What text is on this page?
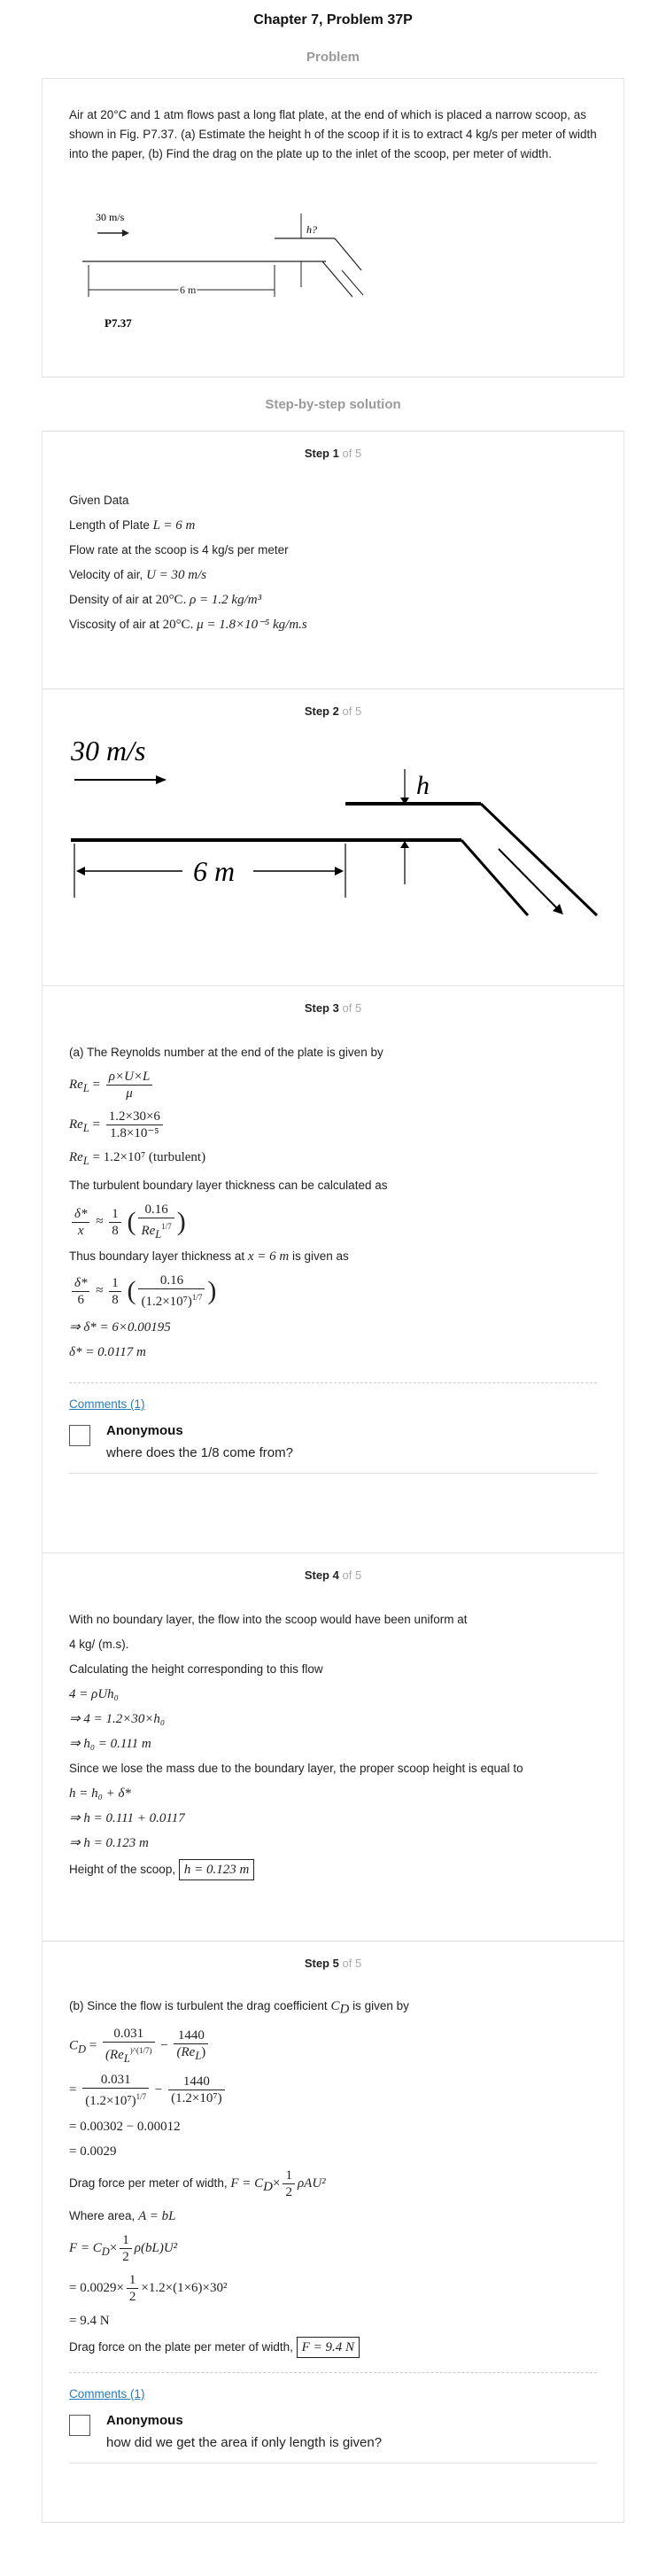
Chapter 7, Problem 37P
Problem
Air at 20°C and 1 atm flows past a long flat plate, at the end of which is placed a narrow scoop, as shown in Fig. P7.37. (a) Estimate the height h of the scoop if it is to extract 4 kg/s per meter of width into the paper, (b) Find the drag on the plate up to the inlet of the scoop, per meter of width.
30 m/s
h?
6 m
P7.37
Step-by-step solution
Step 1 of 5
Given Data
Length of Plate L = 6 m
Flow rate at the scoop is 4 kg/s per meter
Velocity of air, U = 30 m/s
Density of air at 20°C. ρ = 1.2 kg/m³
Viscosity of air at 20°C. μ = 1.8×10⁻⁵ kg/m.s
Step 2 of 5
30 m/s
h
6 m
Step 3 of 5
(a) The Reynolds number at the end of the plate is given by
$Re_L = \frac{\rho\times U\times L}{\mu}$
$Re_L = \frac{1.2\times 30\times 6}{\text{1.8×10⁻⁵}}$
$Re_L = 1.2\times 10^7$ (turbulent)
The turbulent boundary layer thickness can be calculated as
$\frac{\delta*}{x} \approx \frac{1}{8}$ ( $\frac{0.16}{Re_L^{1/7}}$ )
Thus boundary layer thickness at x = 6 m is given as
$\frac{\delta*}{6} \approx \frac{1}{8}$ ( $\frac{0.16}{(1.2\times 10^7)^{1/7}}$ )
⇒ δ* = 6×0.00195
δ* = 0.0117 m
Comments (1)
Anonymous
where does the 1/8 come from?
Step 4 of 5
With no boundary layer, the flow into the scoop would have been uniform at
4 kg/ (m.s).
Calculating the height corresponding to this flow
4 = ρUh₀
⇒ 4 = 1.2×30×h₀
⇒ h₀ = 0.111 m
Since we lose the mass due to the boundary layer, the proper scoop height is equal to
h = h₀ + δ*
⇒ h = 0.111 + 0.0117
⇒ h = 0.123 m
Height of the scoop, h = 0.123 m
Step 5 of 5
(b) Since the flow is turbulent the drag coefficient $C_D$ is given by
$C_D = \frac{0.031}{(Re_L^{)\^{}(1/7)}} - \frac{1440}{(Re_L)}$
= $\frac{0.031}{(1.2\times 10^7)^{1/7}} - \frac{1440}{\text{(1.2×10⁷)}}$
= 0.00302 − 0.00012
= 0.0029
Drag force per meter of width, $F = C_D\times \frac{1}{2} \rho AU^2$
Where area, A = bL
$F = C_D\times \frac{1}{2} \rho(bL)U^2$
= $0.0029\times \frac{1}{2} \times 1.2\times(1\times 6)\times 30^2$
= 9.4 N
Drag force on the plate per meter of width, F = 9.4 N
Comments (1)
Anonymous
how did we get the area if only length is given?
